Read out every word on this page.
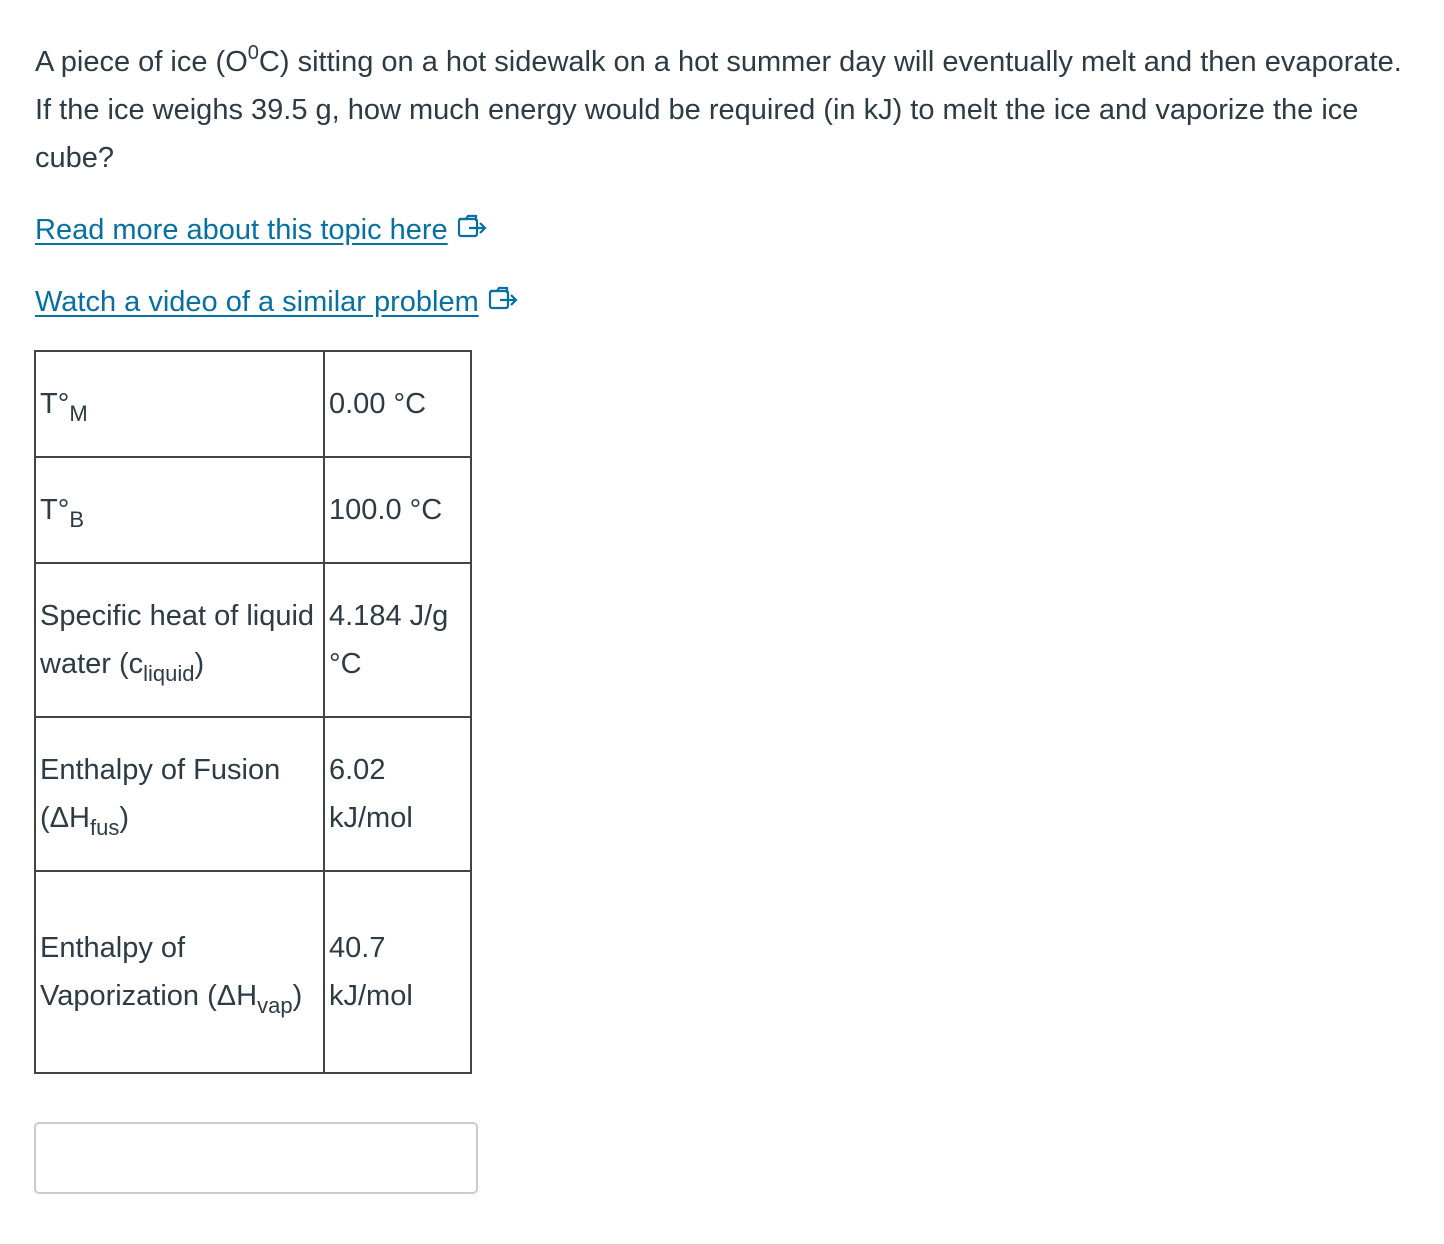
A piece of ice $(O^0C)$ sitting on a hot sidewalk on a hot summer day will eventually melt and then evaporate. If the ice weighs 39.5 g, how much energy would be required (in kJ) to melt the ice and vaporize the ice cube?

Read more about this topic here
Watch a video of a similar problem
$T^\circ_M$	0.00 °C
$T^\circ_B$	100.0 °C
Specific heat of liquid water $(c_{liquid})$	4.184 J/g °C
Enthalpy of Fusion $(\Delta H_{fus})$	6.02 kJ/mol
Enthalpy of Vaporization $(\Delta H_{vap})$	40.7 kJ/mol
